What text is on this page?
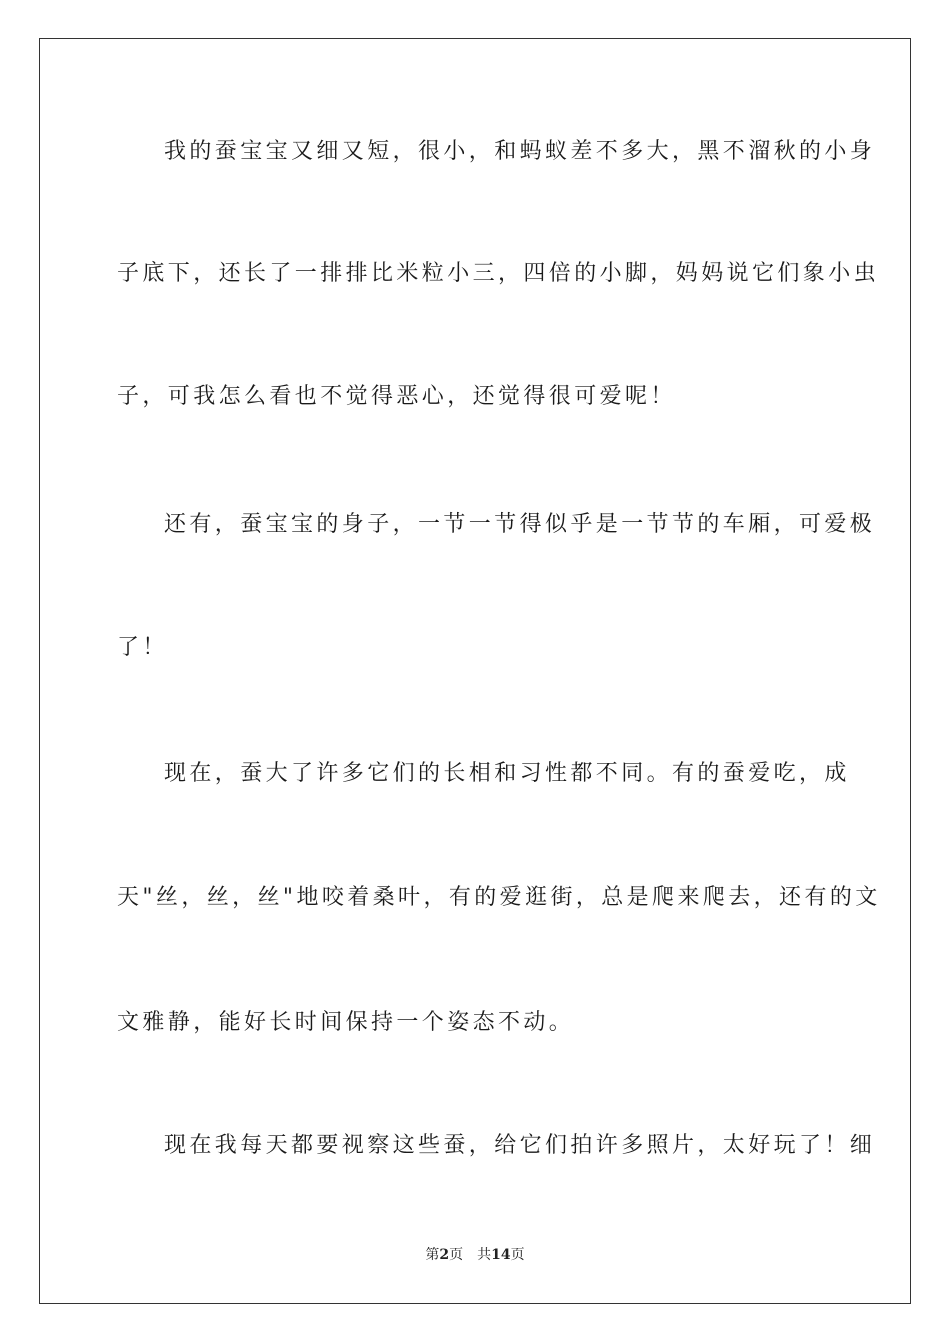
我的蚕宝宝又细又短，很小，和蚂蚁差不多大，黑不溜秋的小身
子底下，还长了一排排比米粒小三，四倍的小脚，妈妈说它们象小虫
子，可我怎么看也不觉得恶心，还觉得很可爱呢！
还有，蚕宝宝的身子，一节一节得似乎是一节节的车厢，可爱极
了！
现在，蚕大了许多它们的长相和习性都不同。有的蚕爱吃，成
天"丝，丝，丝"地咬着桑叶，有的爱逛街，总是爬来爬去，还有的文
文雅静，能好长时间保持一个姿态不动。
现在我每天都要视察这些蚕，给它们拍许多照片，太好玩了！细
第2页 共14页
